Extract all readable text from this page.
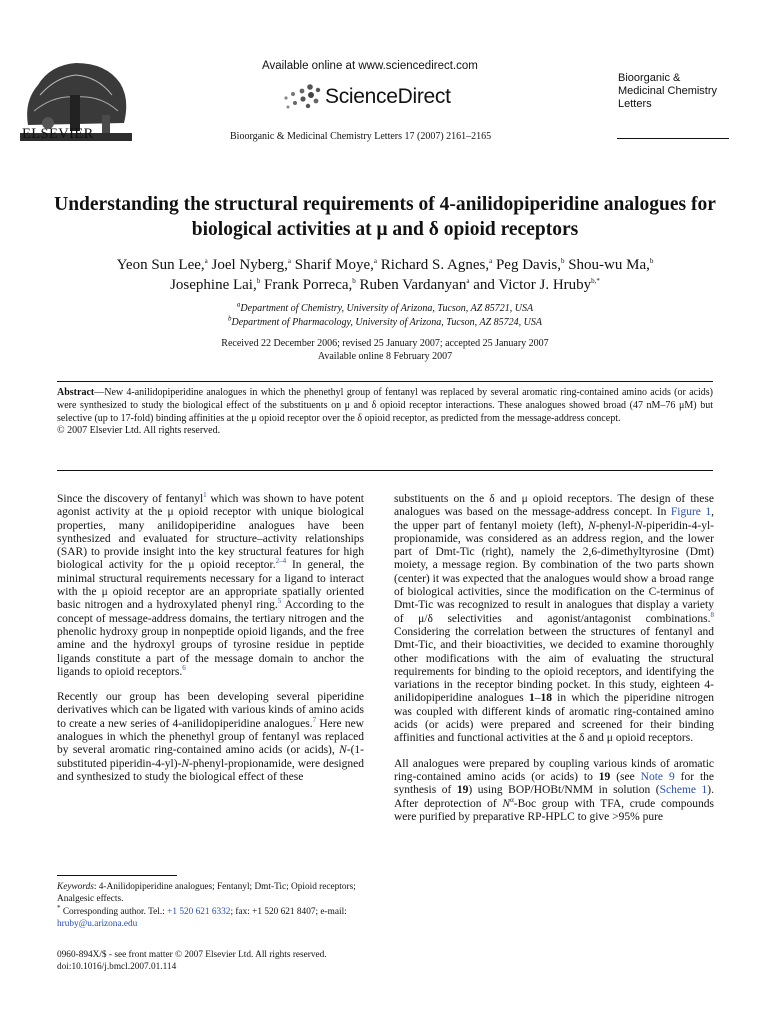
ELSEVIER
Available online at www.sciencedirect.com
ScienceDirect
Bioorganic & Medicinal Chemistry Letters 17 (2007) 2161–2165
Bioorganic & Medicinal Chemistry Letters
Understanding the structural requirements of 4-anilidopiperidine analogues for biological activities at μ and δ opioid receptors
Yeon Sun Lee,$^a$ Joel Nyberg,$^a$ Sharif Moye,$^a$ Richard S. Agnes,$^a$ Peg Davis,$^b$ Shou-wu Ma,$^b$
Josephine Lai,$^b$ Frank Porreca,$^b$ Ruben Vardanyan$^a$ and Victor J. Hruby$^{b,*}$
$^a$Department of Chemistry, University of Arizona, Tucson, AZ 85721, USA
$^b$Department of Pharmacology, University of Arizona, Tucson, AZ 85724, USA
Received 22 December 2006; revised 25 January 2007; accepted 25 January 2007
Available online 8 February 2007
Abstract—New 4-anilidopiperidine analogues in which the phenethyl group of fentanyl was replaced by several aromatic ring-contained amino acids (or acids) were synthesized to study the biological effect of the substituents on μ and δ opioid receptor interactions. These analogues showed broad (47 nM–76 μM) but selective (up to 17-fold) binding affinities at the μ opioid receptor over the δ opioid receptor, as predicted from the message-address concept.
© 2007 Elsevier Ltd. All rights reserved.

Since the discovery of fentanyl$^1$ which was shown to have potent agonist activity at the μ opioid receptor with unique biological properties, many anilidopiperidine analogues have been synthesized and evaluated for structure–activity relationships (SAR) to provide insight into the key structural features for high biological activity for the μ opioid receptor.$^{2-4}$ In general, the minimal structural requirements necessary for a ligand to interact with the μ opioid receptor are an appropriate spatially oriented basic nitrogen and a hydroxylated phenyl ring.$^5$ According to the concept of message-address domains, the tertiary nitrogen and the phenolic hydroxy group in nonpeptide opioid ligands, and the free amine and the hydroxyl groups of tyrosine residue in peptide ligands constitute a part of the message domain to anchor the ligands to opioid receptors.$^6$

Recently our group has been developing several piperidine derivatives which can be ligated with various kinds of amino acids to create a new series of 4-anilidopiperidine analogues.$^7$ Here new analogues in which the phenethyl group of fentanyl was replaced by several aromatic ring-contained amino acids (or acids), N-(1-substituted piperidin-4-yl)-N-phenyl-propionamide, were designed and synthesized to study the biological effect of these

substituents on the δ and μ opioid receptors. The design of these analogues was based on the message-address concept. In Figure 1, the upper part of fentanyl moiety (left), N-phenyl-N-piperidin-4-yl-propionamide, was considered as an address region, and the lower part of Dmt-Tic (right), namely the 2,6-dimethyltyrosine (Dmt) moiety, a message region. By combination of the two parts shown (center) it was expected that the analogues would show a broad range of biological activities, since the modification on the C-terminus of Dmt-Tic was recognized to result in analogues that display a variety of μ/δ selectivities and agonist/antagonist combinations.$^8$ Considering the correlation between the structures of fentanyl and Dmt-Tic, and their bioactivities, we decided to examine thoroughly other modifications with the aim of evaluating the structural requirements for binding to the opioid receptors, and identifying the variations in the receptor binding pocket. In this study, eighteen 4-anilidopiperidine analogues 1–18 in which the piperidine nitrogen was coupled with different kinds of aromatic ring-contained amino acids (or acids) were prepared and screened for their binding affinities and functional activities at the δ and μ opioid receptors.

All analogues were prepared by coupling various kinds of aromatic ring-contained amino acids (or acids) to 19 (see Note 9 for the synthesis of 19) using BOP/HOBt/NMM in solution (Scheme 1). After deprotection of $N^\alpha$-Boc group with TFA, crude compounds were purified by preparative RP-HPLC to give >95% pure

Keywords: 4-Anilidopiperidine analogues; Fentanyl; Dmt-Tic; Opioid receptors; Analgesic effects.
* Corresponding author. Tel.: +1 520 621 6332; fax: +1 520 621 8407; e-mail: hruby@u.arizona.edu
0960-894X/$ - see front matter © 2007 Elsevier Ltd. All rights reserved.
doi:10.1016/j.bmcl.2007.01.114
